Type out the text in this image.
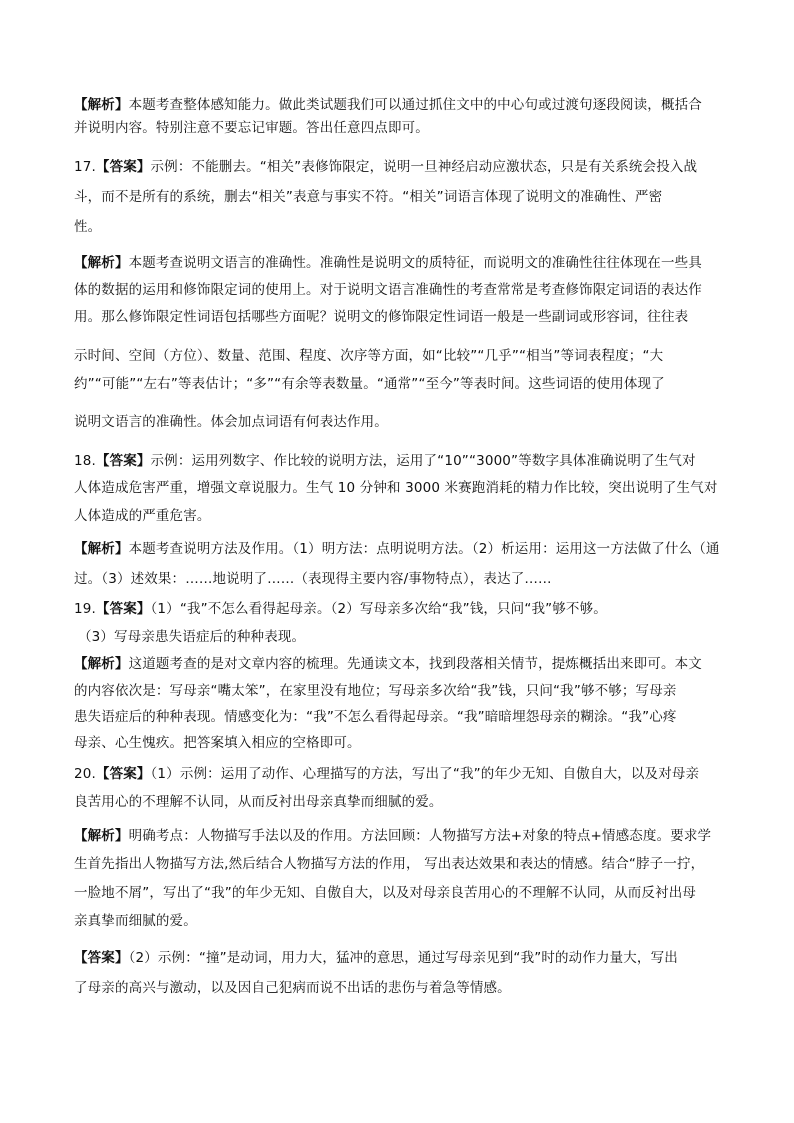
【解析】本题考查整体感知能力。做此类试题我们可以通过抓住文中的中心句或过渡句逐段阅读，概括合
并说明内容。特别注意不要忘记审题。答出任意四点即可。
17.【答案】示例：不能删去。“相关”表修饰限定，说明一旦神经启动应激状态，只是有关系统会投入战
斗，而不是所有的系统，删去“相关”表意与事实不符。“相关”词语言体现了说明文的准确性、严密
性。
【解析】本题考查说明文语言的准确性。准确性是说明文的质特征，而说明文的准确性往往体现在一些具
体的数据的运用和修饰限定词的使用上。对于说明文语言准确性的考查常常是考查修饰限定词语的表达作
用。那么修饰限定性词语包括哪些方面呢？说明文的修饰限定性词语一般是一些副词或形容词，往往表
示时间、空间（方位）、数量、范围、程度、次序等方面，如“比较”“几乎”“相当”等词表程度；“大
约”“可能”“左右”等表估计；“多”“有余等表数量。“通常”“至今”等表时间。这些词语的使用体现了
说明文语言的准确性。体会加点词语有何表达作用。
18.【答案】示例：运用列数字、作比较的说明方法，运用了“10”“3000”等数字具体准确说明了生气对
人体造成危害严重，增强文章说服力。生气 10 分钟和 3000 米赛跑消耗的精力作比较，突出说明了生气对
人体造成的严重危害。
【解析】本题考查说明方法及作用。（1）明方法：点明说明方法。（2）析运用：运用这一方法做了什么（通
过。（3）述效果：……地说明了……（表现得主要内容/事物特点），表达了……
19.【答案】（1）“我”不怎么看得起母亲。（2）写母亲多次给“我”钱，只问“我”够不够。
（3）写母亲患失语症后的种种表现。
【解析】这道题考查的是对文章内容的梳理。先通读文本，找到段落相关情节，提炼概括出来即可。本文
的内容依次是：写母亲“嘴太笨”，在家里没有地位；写母亲多次给“我”钱，只问“我”够不够；写母亲
患失语症后的种种表现。情感变化为：“我”不怎么看得起母亲。“我”暗暗埋怨母亲的糊涂。“我”心疼
母亲、心生愧疚。把答案填入相应的空格即可。
20.【答案】（1）示例：运用了动作、心理描写的方法，写出了“我”的年少无知、自傲自大，以及对母亲
良苦用心的不理解不认同，从而反衬出母亲真挚而细腻的爱。
【解析】明确考点：人物描写手法以及的作用。方法回顾：人物描写方法+对象的特点+情感态度。要求学
生首先指出人物描写方法,然后结合人物描写方法的作用， 写出表达效果和表达的情感。结合“脖子一拧，
一脸地不屑”，写出了“我”的年少无知、自傲自大，以及对母亲良苦用心的不理解不认同，从而反衬出母
亲真挚而细腻的爱。
【答案】（2）示例：“撞”是动词，用力大，猛冲的意思，通过写母亲见到“我”时的动作力量大，写出
了母亲的高兴与激动，以及因自己犯病而说不出话的悲伤与着急等情感。
